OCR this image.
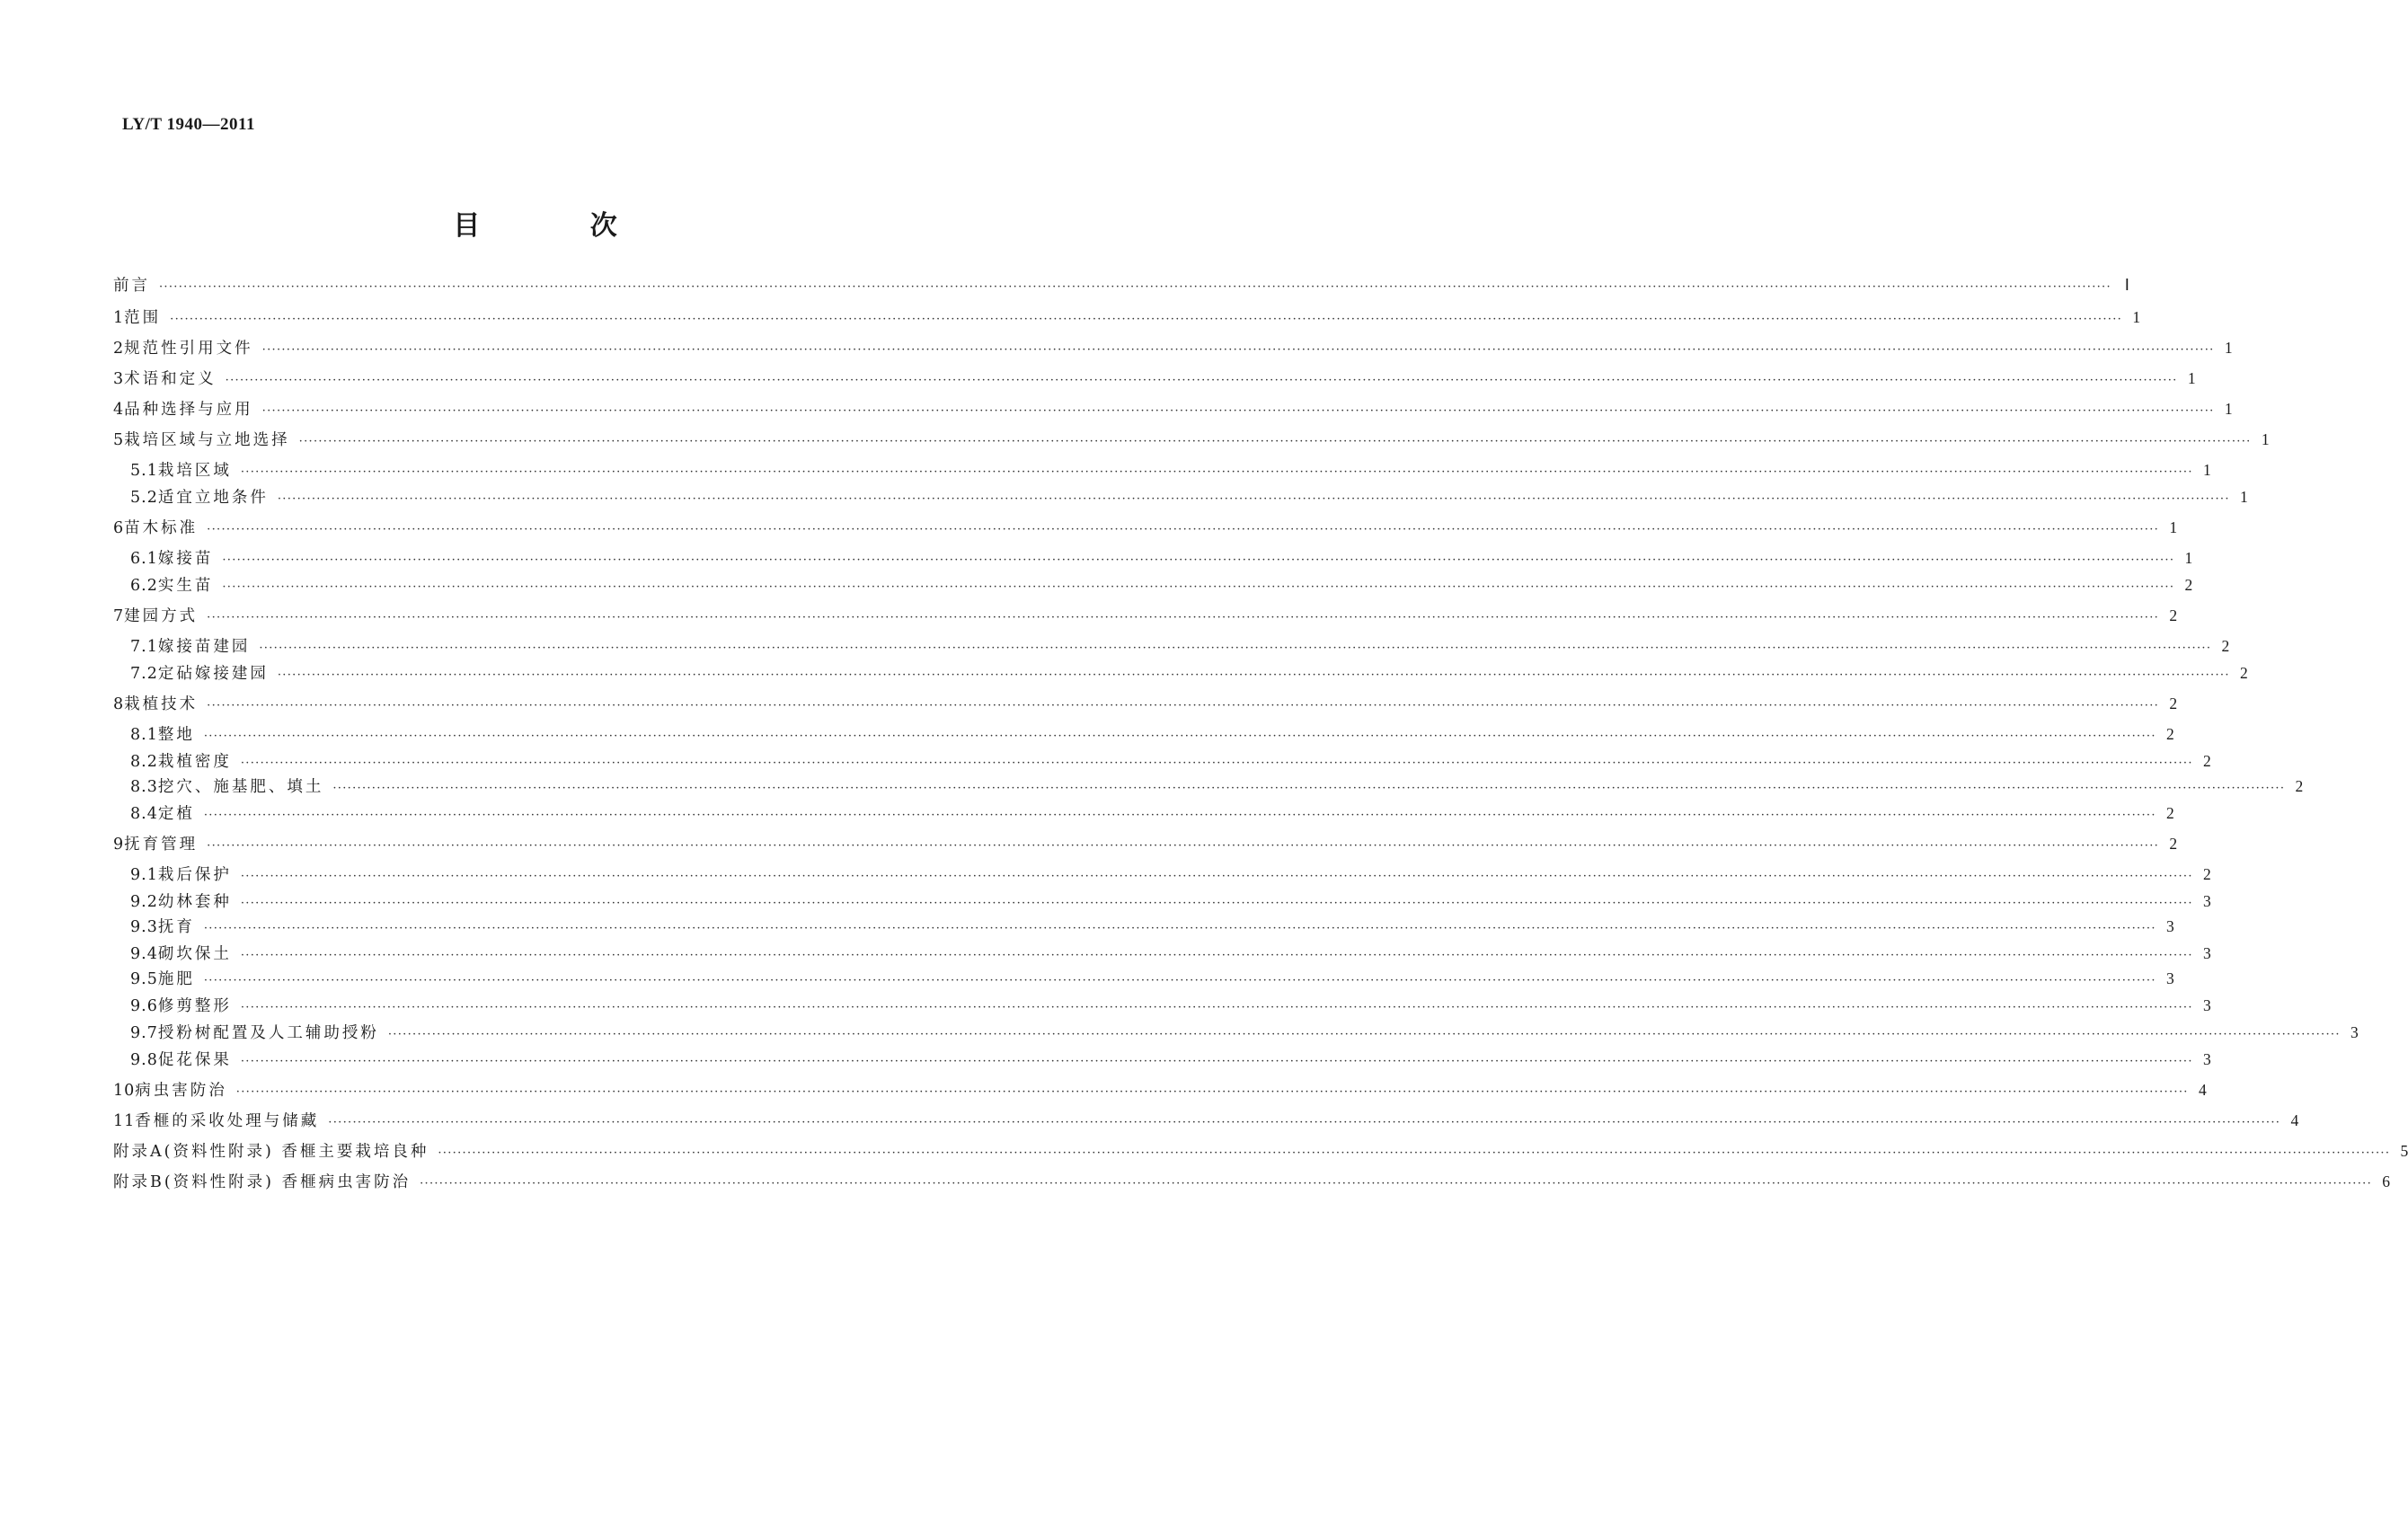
LY/T 1940—2011
目 次
前言 ················································································································································································································································································································································································································ Ⅰ
1 范围 ················································································································································································································································································································································································································ 1
2 规范性引用文件 ················································································································································································································································································································································································································ 1
3 术语和定义 ················································································································································································································································································································································································································ 1
4 品种选择与应用 ················································································································································································································································································································································································································ 1
5 栽培区域与立地选择 ················································································································································································································································································································································································································ 1
5.1 栽培区域 ················································································································································································································································································································································································································ 1
5.2 适宜立地条件 ················································································································································································································································································································································································································ 1
6 苗木标准 ················································································································································································································································································································································································································ 1
6.1 嫁接苗 ················································································································································································································································································································································································································ 1
6.2 实生苗 ················································································································································································································································································································································································································ 2
7 建园方式 ················································································································································································································································································································································································································ 2
7.1 嫁接苗建园 ················································································································································································································································································································································································································ 2
7.2 定砧嫁接建园 ················································································································································································································································································································································································································ 2
8 栽植技术 ················································································································································································································································································································································································································ 2
8.1 整地 ················································································································································································································································································································································································································ 2
8.2 栽植密度 ················································································································································································································································································································································································································ 2
8.3 挖穴、施基肥、填土 ················································································································································································································································································································································································································ 2
8.4 定植 ················································································································································································································································································································································································································ 2
9 抚育管理 ················································································································································································································································································································································································································ 2
9.1 栽后保护 ················································································································································································································································································································································································································ 2
9.2 幼林套种 ················································································································································································································································································································································································································ 3
9.3 抚育 ················································································································································································································································································································································································································ 3
9.4 砌坎保土 ················································································································································································································································································································································································································ 3
9.5 施肥 ················································································································································································································································································································································································································ 3
9.6 修剪整形 ················································································································································································································································································································································································································ 3
9.7 授粉树配置及人工辅助授粉 ················································································································································································································································································································································································································ 3
9.8 促花保果 ················································································································································································································································································································································································································ 3
10 病虫害防治 ················································································································································································································································································································································································································ 4
11 香榧的采收处理与储藏 ················································································································································································································································································································································································································ 4
附录A(资料性附录) 香榧主要栽培良种 ················································································································································································································································································································································································································ 5
附录B(资料性附录) 香榧病虫害防治 ················································································································································································································································································································································································································ 6
